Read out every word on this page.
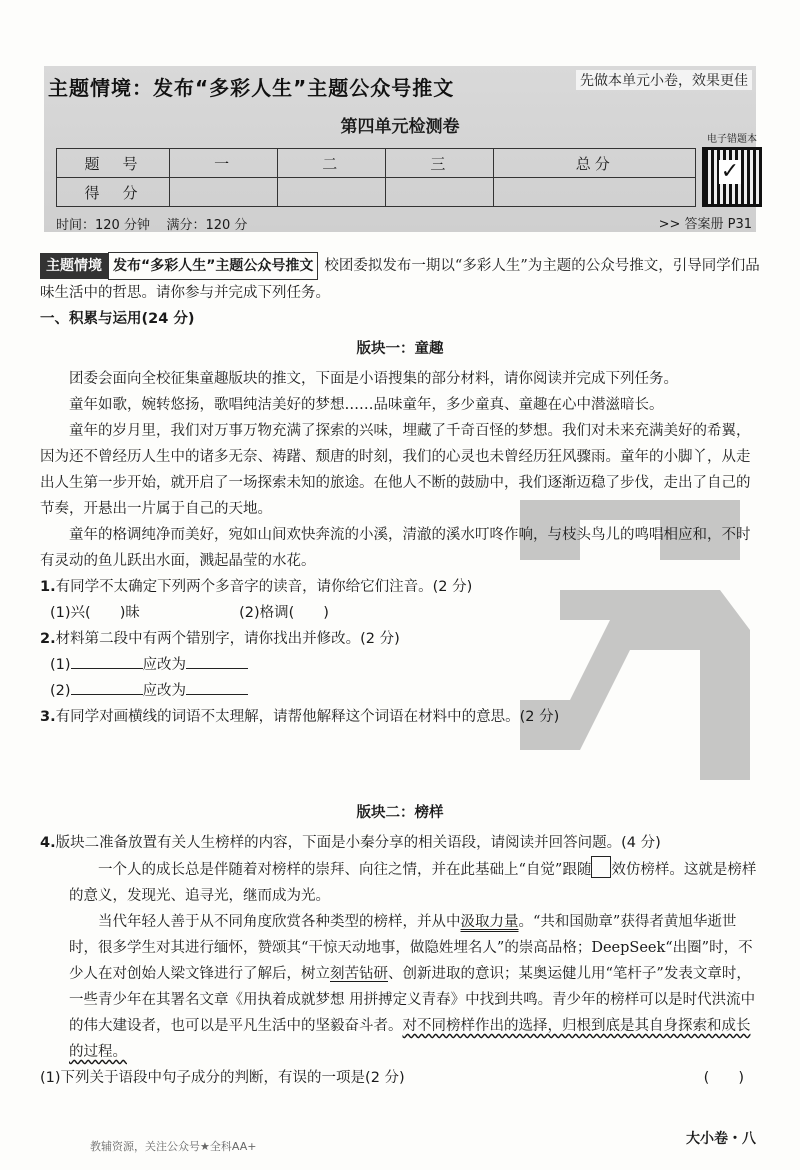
主题情境：发布“多彩人生”主题公众号推文	先做本单元小卷，效果更佳
第四单元检测卷
题　号	一	二	三	总分
得　分				
电子错题本
✓
时间：120 分钟 满分：120 分	>> 答案册 P31

主题情境 发布“多彩人生”主题公众号推文 校团委拟发布一期以“多彩人生”为主题的公众号推文，引导同学们品味生活中的哲思。请你参与并完成下列任务。

一、积累与运用(24 分)

版块一：童趣

团委会面向全校征集童趣版块的推文，下面是小语搜集的部分材料，请你阅读并完成下列任务。

童年如歌，婉转悠扬，歌唱纯洁美好的梦想……品味童年，多少童真、童趣在心中潜滋暗长。

童年的岁月里，我们对万事万物充满了探索的兴味，埋藏了千奇百怪的梦想。我们对未来充满美好的希翼，因为还不曾经历人生中的诸多无奈、祷躇、颓唐的时刻，我们的心灵也未曾经历狂风骤雨。童年的小脚丫，从走出人生第一步开始，就开启了一场探索未知的旅途。在他人不断的鼓励中，我们逐渐迈稳了步伐，走出了自己的节奏，开悬出一片属于自己的天地。

童年的格调纯净而美好，宛如山间欢快奔流的小溪，清澈的溪水叮咚作响，与枝头鸟儿的鸣唱相应和，不时有灵动的鱼儿跃出水面，溅起晶莹的水花。

1.有同学不太确定下列两个多音字的读音，请你给它们注音。(2 分)

(1)兴(　　)昧	(2)格调(　　)

2.材料第二段中有两个错别字，请你找出并修改。(2 分)

(1)	应改为

(2)	应改为

3.有同学对画横线的词语不太理解，请帮他解释这个词语在材料中的意思。(2 分)

版块二：榜样

4.版块二准备放置有关人生榜样的内容，下面是小秦分享的相关语段，请阅读并回答问题。(4 分)

一个人的成长总是伴随着对榜样的崇拜、向往之情，并在此基础上“自觉”跟随 效仿榜样。这就是榜样的意义，发现光、追寻光，继而成为光。

当代年轻人善于从不同角度欣赏各种类型的榜样，并从中汲取力量。“共和国勋章”获得者黄旭华逝世时，很多学生对其进行缅怀，赞颂其“干惊天动地事，做隐姓埋名人”的崇高品格；DeepSeek“出圈”时，不少人在对创始人梁文锋进行了解后，树立刻苦钻研、创新进取的意识；某奥运健儿用“笔杆子”发表文章时，一些青少年在其署名文章《用执着成就梦想 用拼搏定义青春》中找到共鸣。青少年的榜样可以是时代洪流中的伟大建设者，也可以是平凡生活中的坚毅奋斗者。对不同榜样作出的选择，归根到底是其自身探索和成长的过程。

(1)下列关于语段中句子成分的判断，有误的一项是(2 分)	(　　)

教辅资源，关注公众号★全科AA+	大小卷・八
